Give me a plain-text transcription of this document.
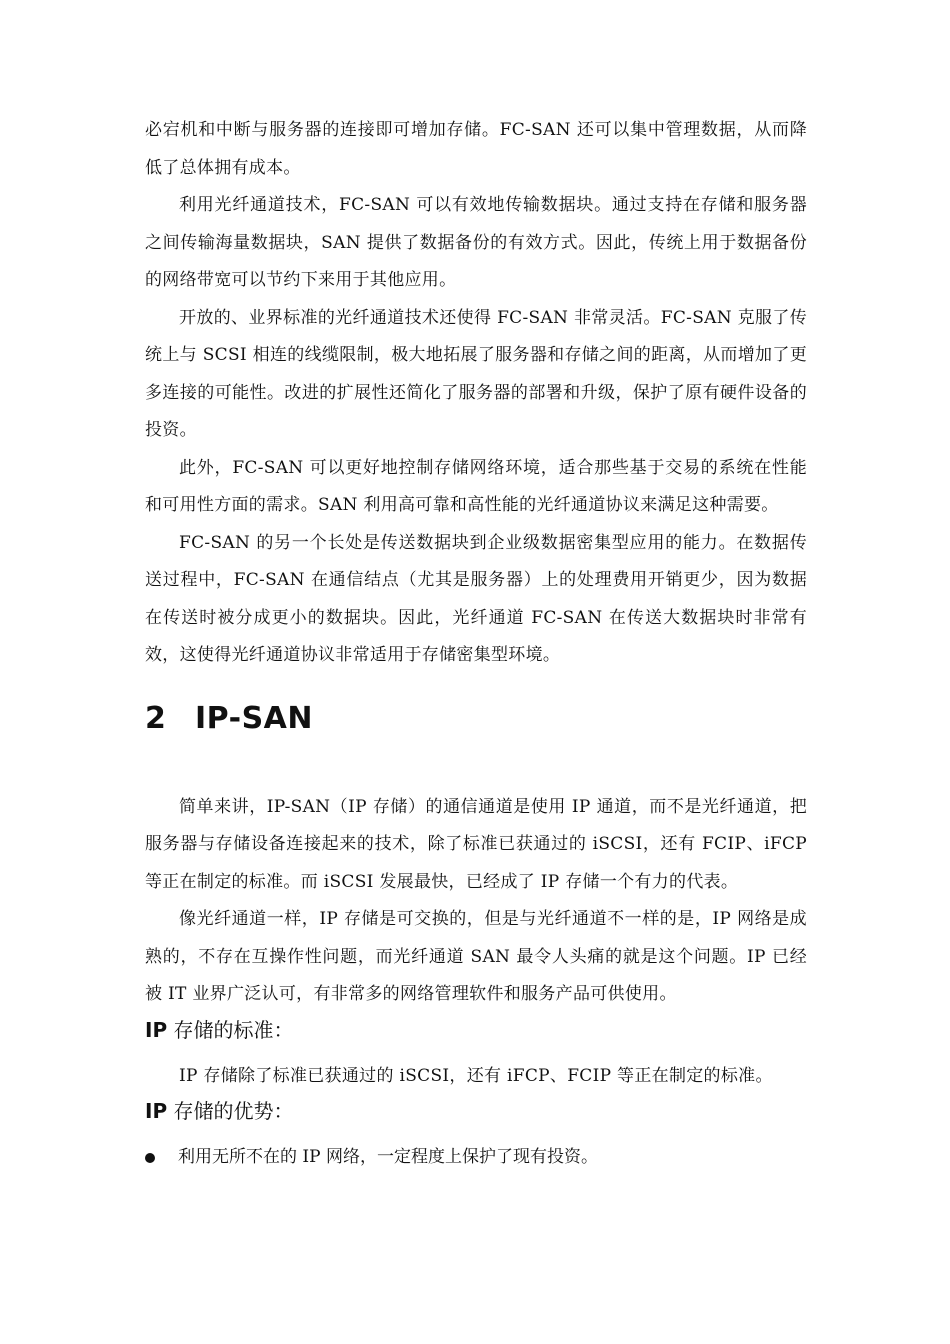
必宕机和中断与服务器的连接即可增加存储。FC-SAN 还可以集中管理数据，从而降低了总体拥有成本。

利用光纤通道技术，FC-SAN 可以有效地传输数据块。通过支持在存储和服务器之间传输海量数据块，SAN 提供了数据备份的有效方式。因此，传统上用于数据备份的网络带宽可以节约下来用于其他应用。

开放的、业界标准的光纤通道技术还使得 FC-SAN 非常灵活。FC-SAN 克服了传统上与 SCSI 相连的线缆限制，极大地拓展了服务器和存储之间的距离，从而增加了更多连接的可能性。改进的扩展性还简化了服务器的部署和升级，保护了原有硬件设备的投资。

此外，FC-SAN 可以更好地控制存储网络环境，适合那些基于交易的系统在性能和可用性方面的需求。SAN 利用高可靠和高性能的光纤通道协议来满足这种需要。

FC-SAN 的另一个长处是传送数据块到企业级数据密集型应用的能力。在数据传送过程中，FC-SAN 在通信结点（尤其是服务器）上的处理费用开销更少，因为数据在传送时被分成更小的数据块。因此，光纤通道 FC-SAN 在传送大数据块时非常有效，这使得光纤通道协议非常适用于存储密集型环境。

2 IP-SAN

简单来讲，IP-SAN（IP 存储）的通信通道是使用 IP 通道，而不是光纤通道，把服务器与存储设备连接起来的技术，除了标准已获通过的 iSCSI，还有 FCIP、iFCP 等正在制定的标准。而 iSCSI 发展最快，已经成了 IP 存储一个有力的代表。

像光纤通道一样，IP 存储是可交换的，但是与光纤通道不一样的是，IP 网络是成熟的，不存在互操作性问题，而光纤通道 SAN 最令人头痛的就是这个问题。IP 已经被 IT 业界广泛认可，有非常多的网络管理软件和服务产品可供使用。

IP 存储的标准：

IP 存储除了标准已获通过的 iSCSI，还有 iFCP、FCIP 等正在制定的标准。

IP 存储的优势：
利用无所不在的 IP 网络，一定程度上保护了现有投资。
